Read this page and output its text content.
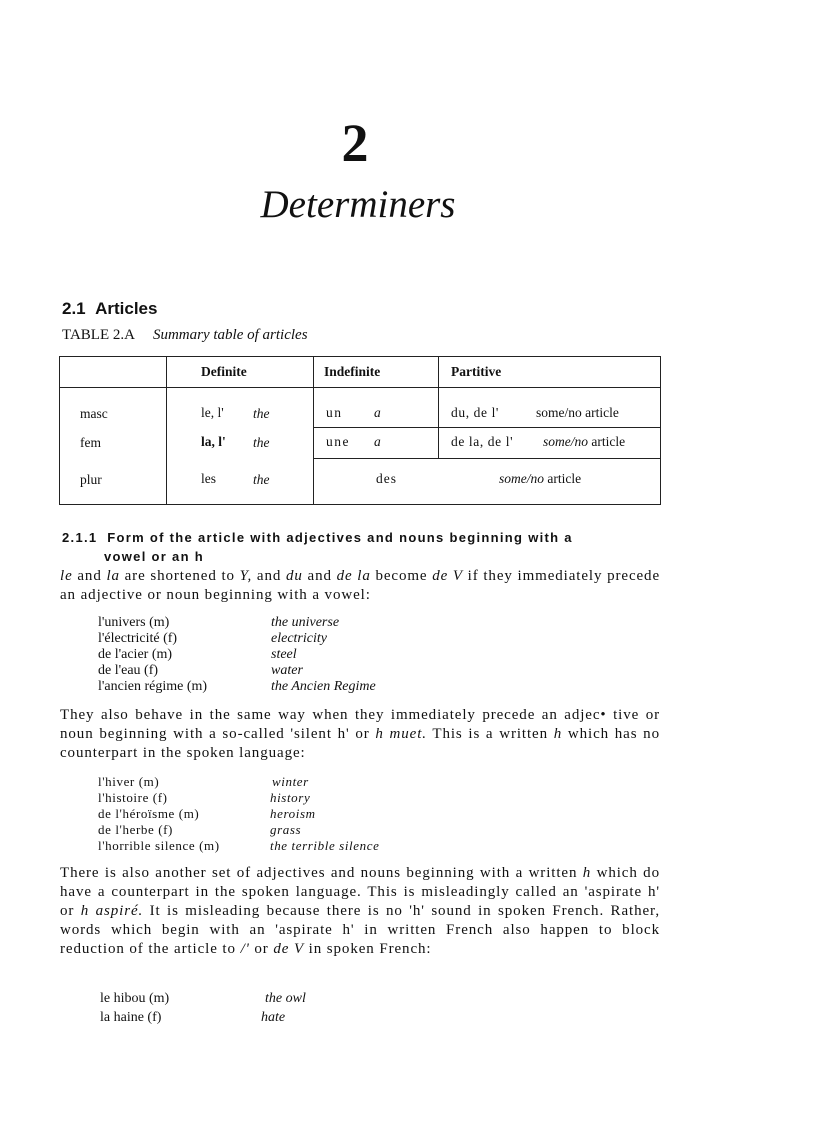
2
Determiners
2.1 Articles
TABLE 2.A Summary table of articles

	Definite	Indefinite	Partitive

masc	le, l' the	un a	du, de l' some/no article

fem	la, l' the	une a	de la, de l' some/no article

plur	les the	des some/no article	
2.1.1 Form of the article with adjectives and nouns beginning with a
vowel or an h
le and la are shortened to Y, and du and de la become de V if they immediately precede an adjective or noun beginning with a vowel:
l'univers (m)	the universe
l'électricité (f)	electricity
de l'acier (m)	steel
de l'eau (f)	water
l'ancien régime (m)	the Ancien Regime
They also behave in the same way when they immediately precede an adjec• tive or noun beginning with a so-called 'silent h' or h muet. This is a written h which has no counterpart in the spoken language:
l'hiver (m)	winter
l'histoire (f)	history
de l'héroïsme (m)	heroism
de l'herbe (f)	grass
l'horrible silence (m)	the terrible silence
There is also another set of adjectives and nouns beginning with a written h which do have a counterpart in the spoken language. This is misleadingly called an 'aspirate h' or h aspiré. It is misleading because there is no 'h' sound in spoken French. Rather, words which begin with an 'aspirate h' in written French also happen to block reduction of the article to /' or de V in spoken French:
le hibou (m)	the owl
la haine (f)	hate
